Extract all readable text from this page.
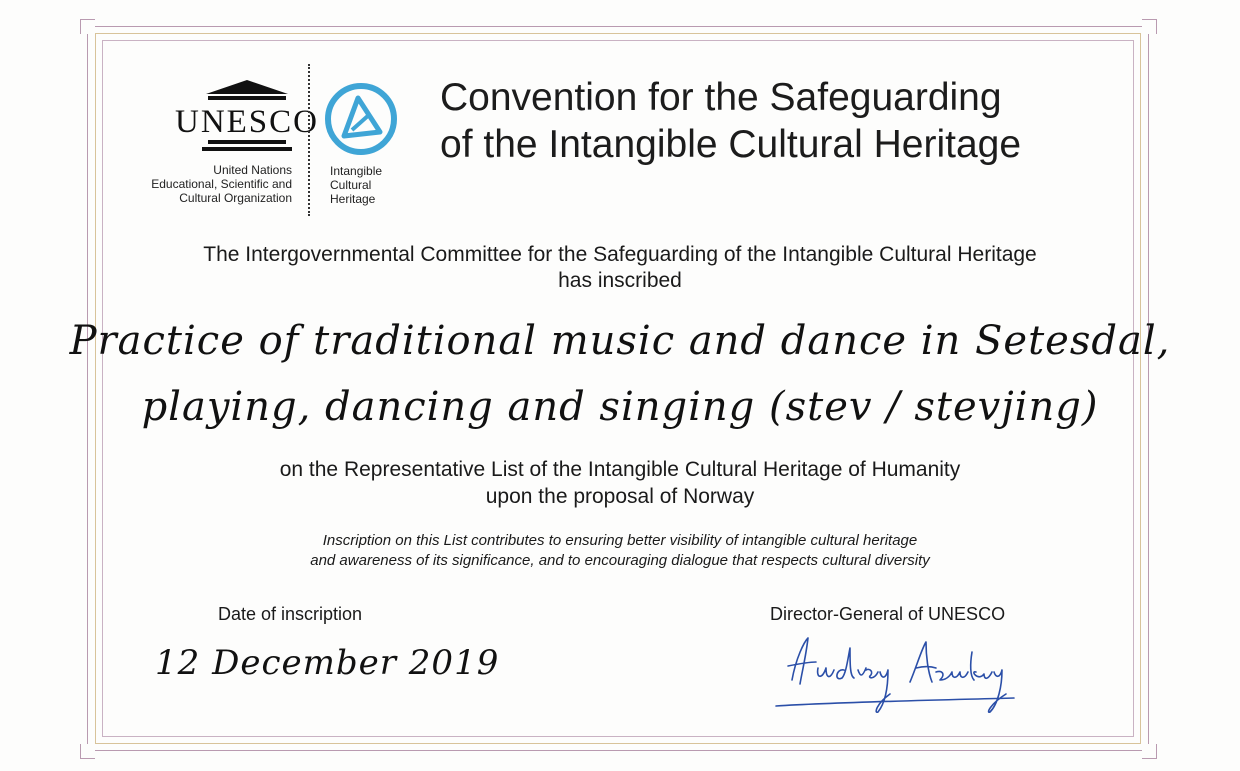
UNESCO
United Nations
Educational, Scientific and
Cultural Organization
Intangible
Cultural
Heritage
Convention for the Safeguarding
of the Intangible Cultural Heritage
The Intergovernmental Committee for the Safeguarding of the Intangible Cultural Heritage
has inscribed
Practice of traditional music and dance in Setesdal,
playing, dancing and singing (stev / stevjing)
on the Representative List of the Intangible Cultural Heritage of Humanity
upon the proposal of Norway
Inscription on this List contributes to ensuring better visibility of intangible cultural heritage
and awareness of its significance, and to encouraging dialogue that respects cultural diversity
Date of inscription
12 December 2019
Director-General of UNESCO
